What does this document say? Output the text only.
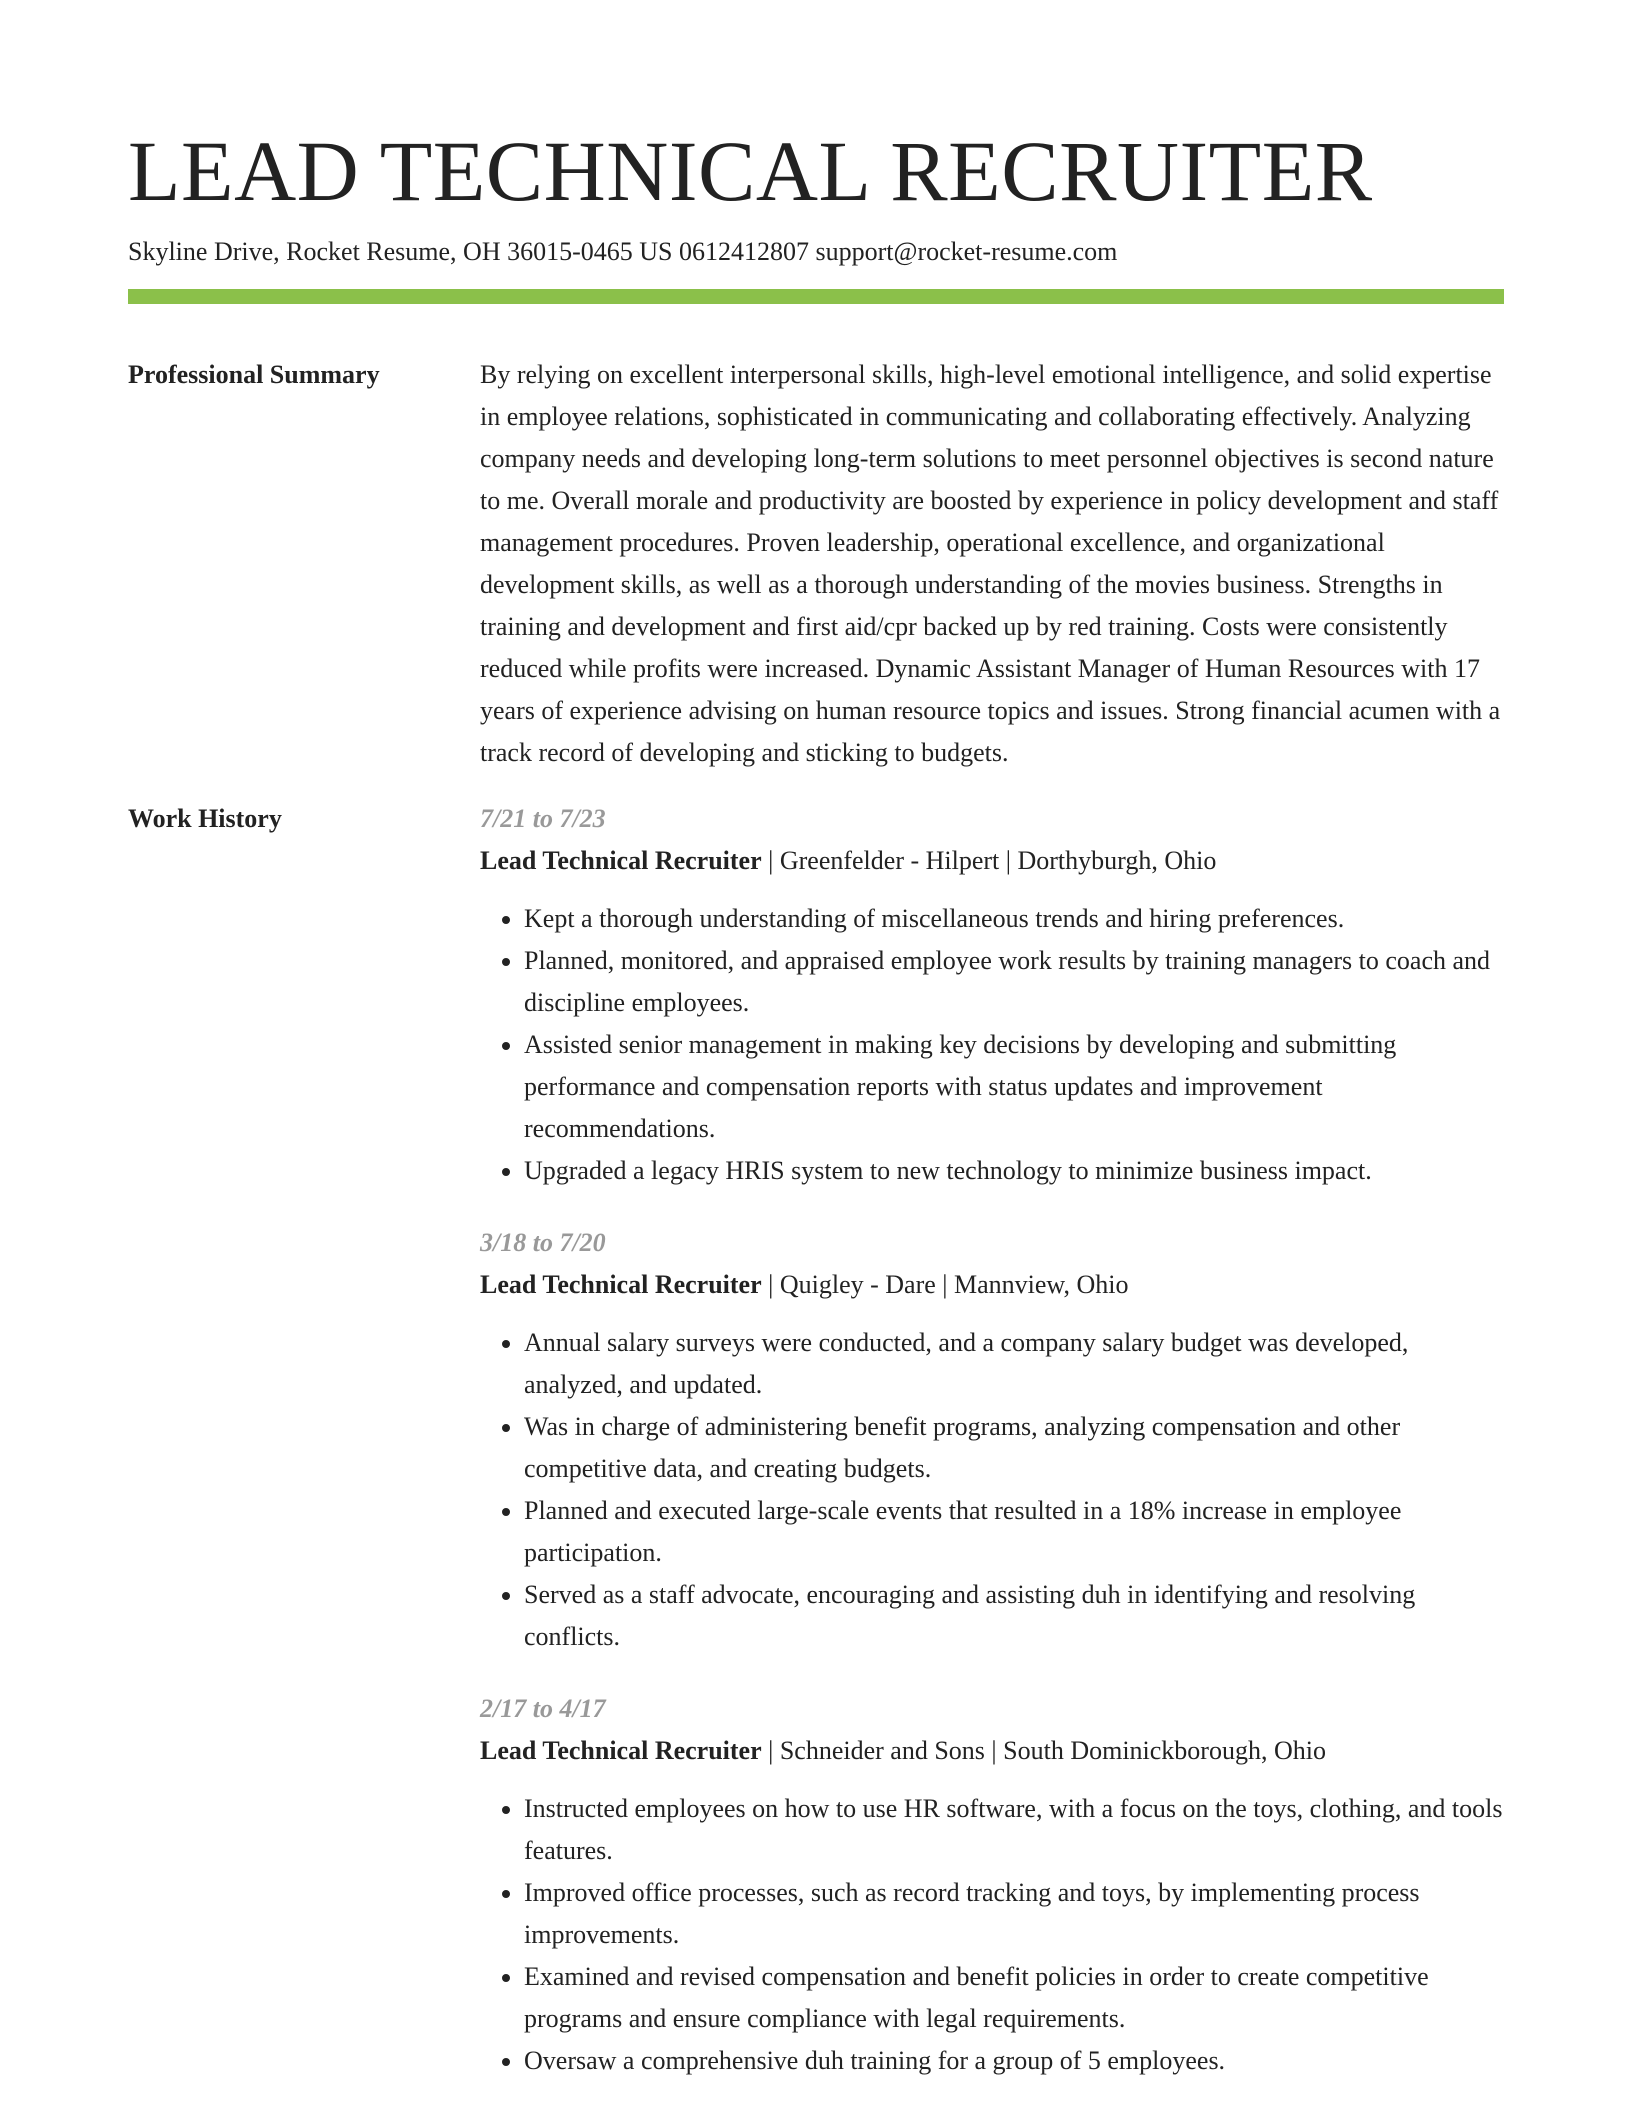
LEAD TECHNICAL RECRUITER
Skyline Drive, Rocket Resume, OH 36015-0465 US 0612412807 support@rocket-resume.com
Professional Summary	By relying on excellent interpersonal skills, high-level emotional intelligence, and solid expertise in employee relations, sophisticated in communicating and collaborating effectively. Analyzing company needs and developing long-term solutions to meet personnel objectives is second nature to me. Overall morale and productivity are boosted by experience in policy development and staff management procedures. Proven leadership, operational excellence, and organizational development skills, as well as a thorough understanding of the movies business. Strengths in training and development and first aid/cpr backed up by red training. Costs were consistently reduced while profits were increased. Dynamic Assistant Manager of Human Resources with 17 years of experience advising on human resource topics and issues. Strong financial acumen with a track record of developing and sticking to budgets.

Work History	7/21 to 7/23
Lead Technical Recruiter | Greenfelder - Hilpert | Dorthyburgh, Ohio
• Kept a thorough understanding of miscellaneous trends and hiring preferences.
• Planned, monitored, and appraised employee work results by training managers to coach and discipline employees.
• Assisted senior management in making key decisions by developing and submitting performance and compensation reports with status updates and improvement recommendations.
• Upgraded a legacy HRIS system to new technology to minimize business impact.
3/18 to 7/20
Lead Technical Recruiter | Quigley - Dare | Mannview, Ohio
• Annual salary surveys were conducted, and a company salary budget was developed, analyzed, and updated.
• Was in charge of administering benefit programs, analyzing compensation and other competitive data, and creating budgets.
• Planned and executed large-scale events that resulted in a 18% increase in employee participation.
• Served as a staff advocate, encouraging and assisting duh in identifying and resolving conflicts.
2/17 to 4/17
Lead Technical Recruiter | Schneider and Sons | South Dominickborough, Ohio
• Instructed employees on how to use HR software, with a focus on the toys, clothing, and tools features.
• Improved office processes, such as record tracking and toys, by implementing process improvements.
• Examined and revised compensation and benefit policies in order to create competitive programs and ensure compliance with legal requirements.
• Oversaw a comprehensive duh training for a group of 5 employees.
